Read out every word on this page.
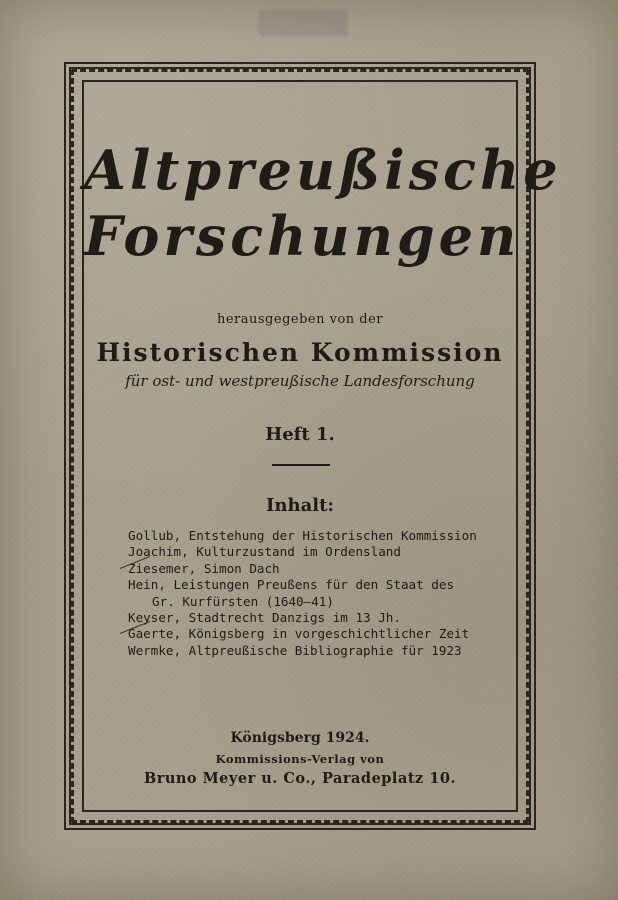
Altpreußische
Forschungen
herausgegeben von der
Historischen Kommission
für ost- und westpreußische Landesforschung
Heft 1.
Inhalt:
Gollub, Entstehung der Historischen Kommission
Joachim, Kulturzustand im Ordensland
Ziesemer, Simon Dach
Hein, Leistungen Preußens für den Staat des
Gr. Kurfürsten (1640—41)
Keyser, Stadtrecht Danzigs im 13 Jh.
Gaerte, Königsberg in vorgeschichtlicher Zeit
Wermke, Altpreußische Bibliographie für 1923
Königsberg 1924.
Kommissions-Verlag von
Bruno Meyer u. Co., Paradeplatz 10.
